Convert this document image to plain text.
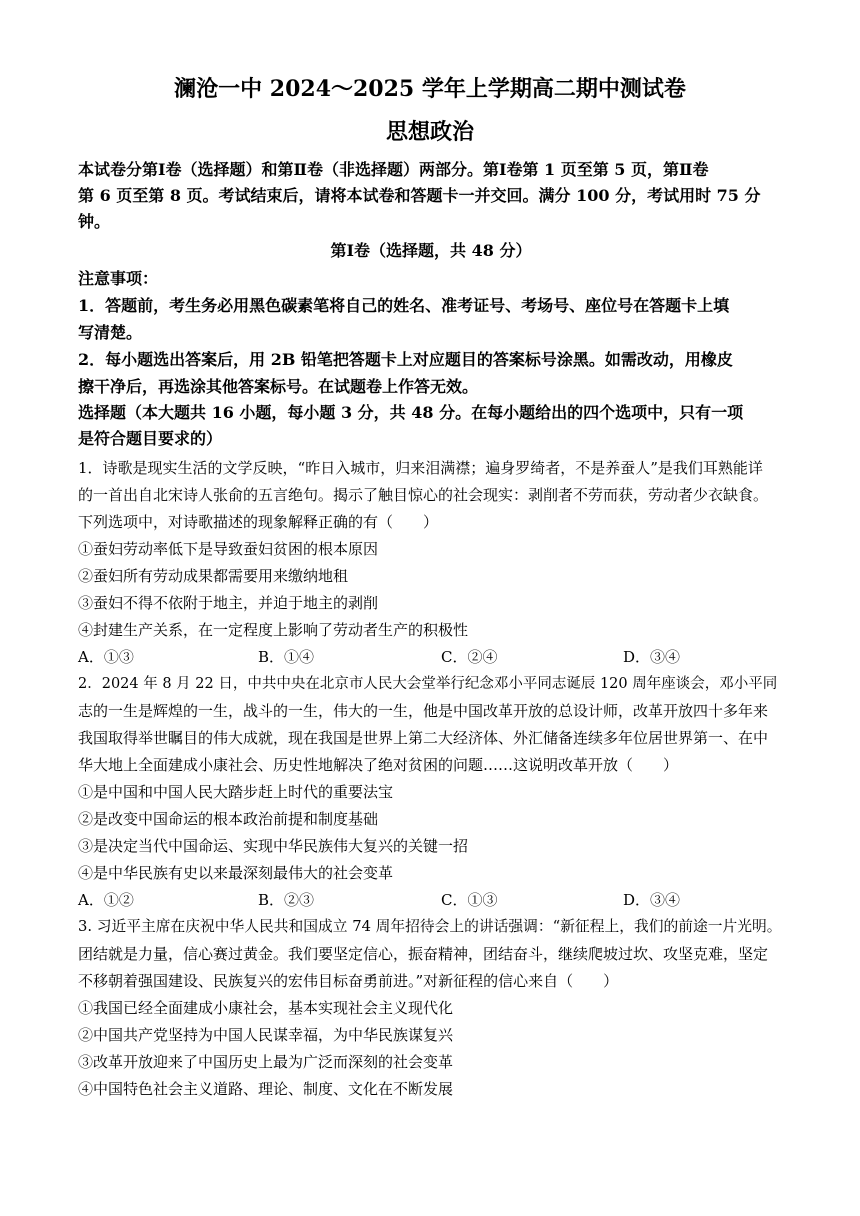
澜沧一中 2024～2025 学年上学期高二期中测试卷
思想政治
本试卷分第Ⅰ卷（选择题）和第Ⅱ卷（非选择题）两部分。第Ⅰ卷第 1 页至第 5 页，第Ⅱ卷
第 6 页至第 8 页。考试结束后，请将本试卷和答题卡一并交回。满分 100 分，考试用时 75 分
钟。
第Ⅰ卷（选择题，共 48 分）
注意事项：
1．答题前，考生务必用黑色碳素笔将自己的姓名、准考证号、考场号、座位号在答题卡上填
写清楚。
2．每小题选出答案后，用 2B 铅笔把答题卡上对应题目的答案标号涂黑。如需改动，用橡皮
擦干净后，再选涂其他答案标号。在试题卷上作答无效。
选择题（本大题共 16 小题，每小题 3 分，共 48 分。在每小题给出的四个选项中，只有一项
是符合题目要求的）
1．诗歌是现实生活的文学反映，“昨日入城市，归来泪满襟；遍身罗绮者，不是养蚕人”是我们耳熟能详
的一首出自北宋诗人张俞的五言绝句。揭示了触目惊心的社会现实：剥削者不劳而获，劳动者少衣缺食。
下列选项中，对诗歌描述的现象解释正确的有（　　）
①蚕妇劳动率低下是导致蚕妇贫困的根本原因
②蚕妇所有劳动成果都需要用来缴纳地租
③蚕妇不得不依附于地主，并迫于地主的剥削
④封建生产关系，在一定程度上影响了劳动者生产的积极性
A．①③	B．①④	C．②④	D．③④
2．2024 年 8 月 22 日，中共中央在北京市人民大会堂举行纪念邓小平同志诞辰 120 周年座谈会，邓小平同
志的一生是辉煌的一生，战斗的一生，伟大的一生，他是中国改革开放的总设计师，改革开放四十多年来
我国取得举世瞩目的伟大成就，现在我国是世界上第二大经济体、外汇储备连续多年位居世界第一、在中
华大地上全面建成小康社会、历史性地解决了绝对贫困的问题……这说明改革开放（　　）
①是中国和中国人民大踏步赶上时代的重要法宝
②是改变中国命运的根本政治前提和制度基础
③是决定当代中国命运、实现中华民族伟大复兴的关键一招
④是中华民族有史以来最深刻最伟大的社会变革
A．①②	B．②③	C．①③	D．③④
3. 习近平主席在庆祝中华人民共和国成立 74 周年招待会上的讲话强调：“新征程上，我们的前途一片光明。
团结就是力量，信心赛过黄金。我们要坚定信心，振奋精神，团结奋斗，继续爬坡过坎、攻坚克难，坚定
不移朝着强国建设、民族复兴的宏伟目标奋勇前进。”对新征程的信心来自（　　）
①我国已经全面建成小康社会，基本实现社会主义现代化
②中国共产党坚持为中国人民谋幸福，为中华民族谋复兴
③改革开放迎来了中国历史上最为广泛而深刻的社会变革
④中国特色社会主义道路、理论、制度、文化在不断发展
